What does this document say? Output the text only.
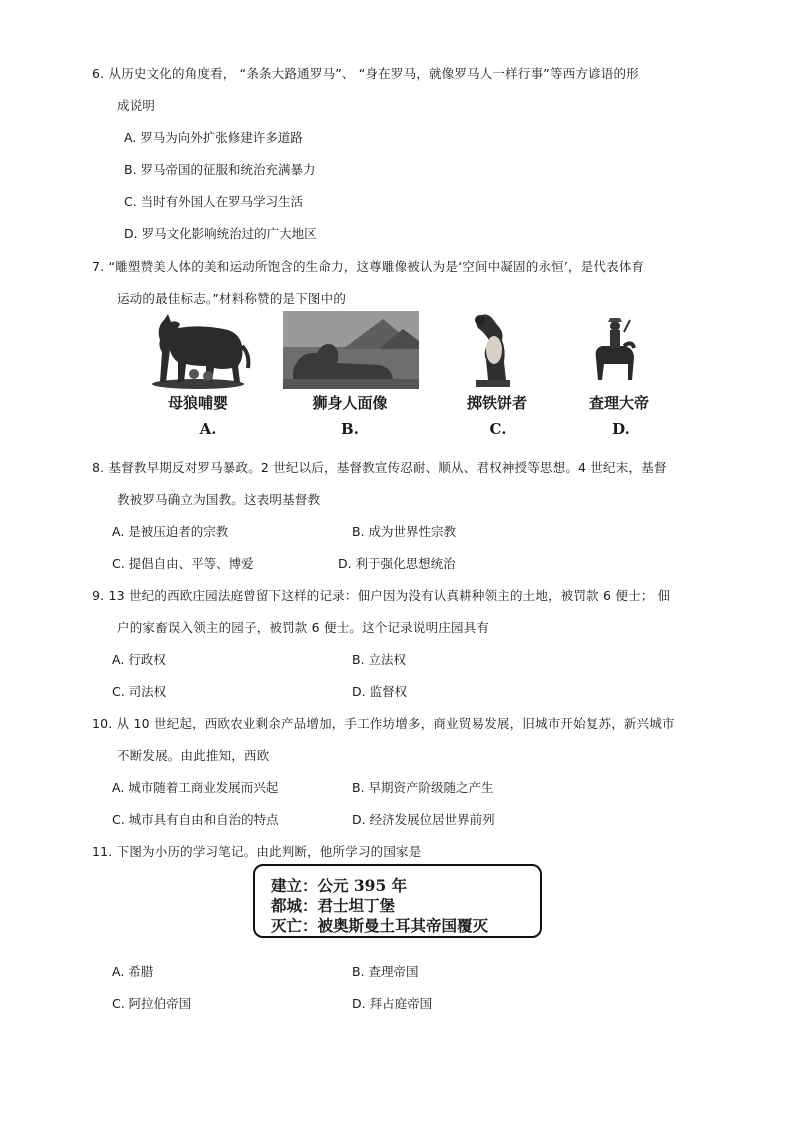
6. 从历史文化的角度看， “条条大路通罗马”、 “身在罗马，就像罗马人一样行事”等西方谚语的形
成说明
A. 罗马为向外扩张修建许多道路
B. 罗马帝国的征服和统治充满暴力
C. 当时有外国人在罗马学习生活
D. 罗马文化影响统治过的广大地区
7. “雕塑赞美人体的美和运动所饱含的生命力，这尊雕像被认为是‘空间中凝固的永恒’，是代表体育
运动的最佳标志。”材料称赞的是下图中的
母狼哺婴	狮身人面像	掷铁饼者	查理大帝
A.	B.	C.	D.
8. 基督教早期反对罗马暴政。2 世纪以后，基督教宣传忍耐、顺从、君权神授等思想。4 世纪末，基督
教被罗马确立为国教。这表明基督教
A. 是被压迫者的宗教	B. 成为世界性宗教
C. 提倡自由、平等、博爱	D. 利于强化思想统治
9. 13 世纪的西欧庄园法庭曾留下这样的记录：佃户因为没有认真耕种领主的土地，被罚款 6 便士； 佃
户的家畜误入领主的园子，被罚款 6 便士。这个记录说明庄园具有
A. 行政权	B. 立法权
C. 司法权	D. 监督权
10. 从 10 世纪起，西欧农业剩余产品增加，手工作坊增多，商业贸易发展，旧城市开始复苏，新兴城市
不断发展。由此推知，西欧
A. 城市随着工商业发展而兴起	B. 早期资产阶级随之产生
C. 城市具有自由和自治的特点	D. 经济发展位居世界前列
11. 下图为小历的学习笔记。由此判断，他所学习的国家是
建立：公元 395 年
都城：君士坦丁堡
灭亡：被奥斯曼土耳其帝国覆灭
A. 希腊	B. 查理帝国
C. 阿拉伯帝国	D. 拜占庭帝国
